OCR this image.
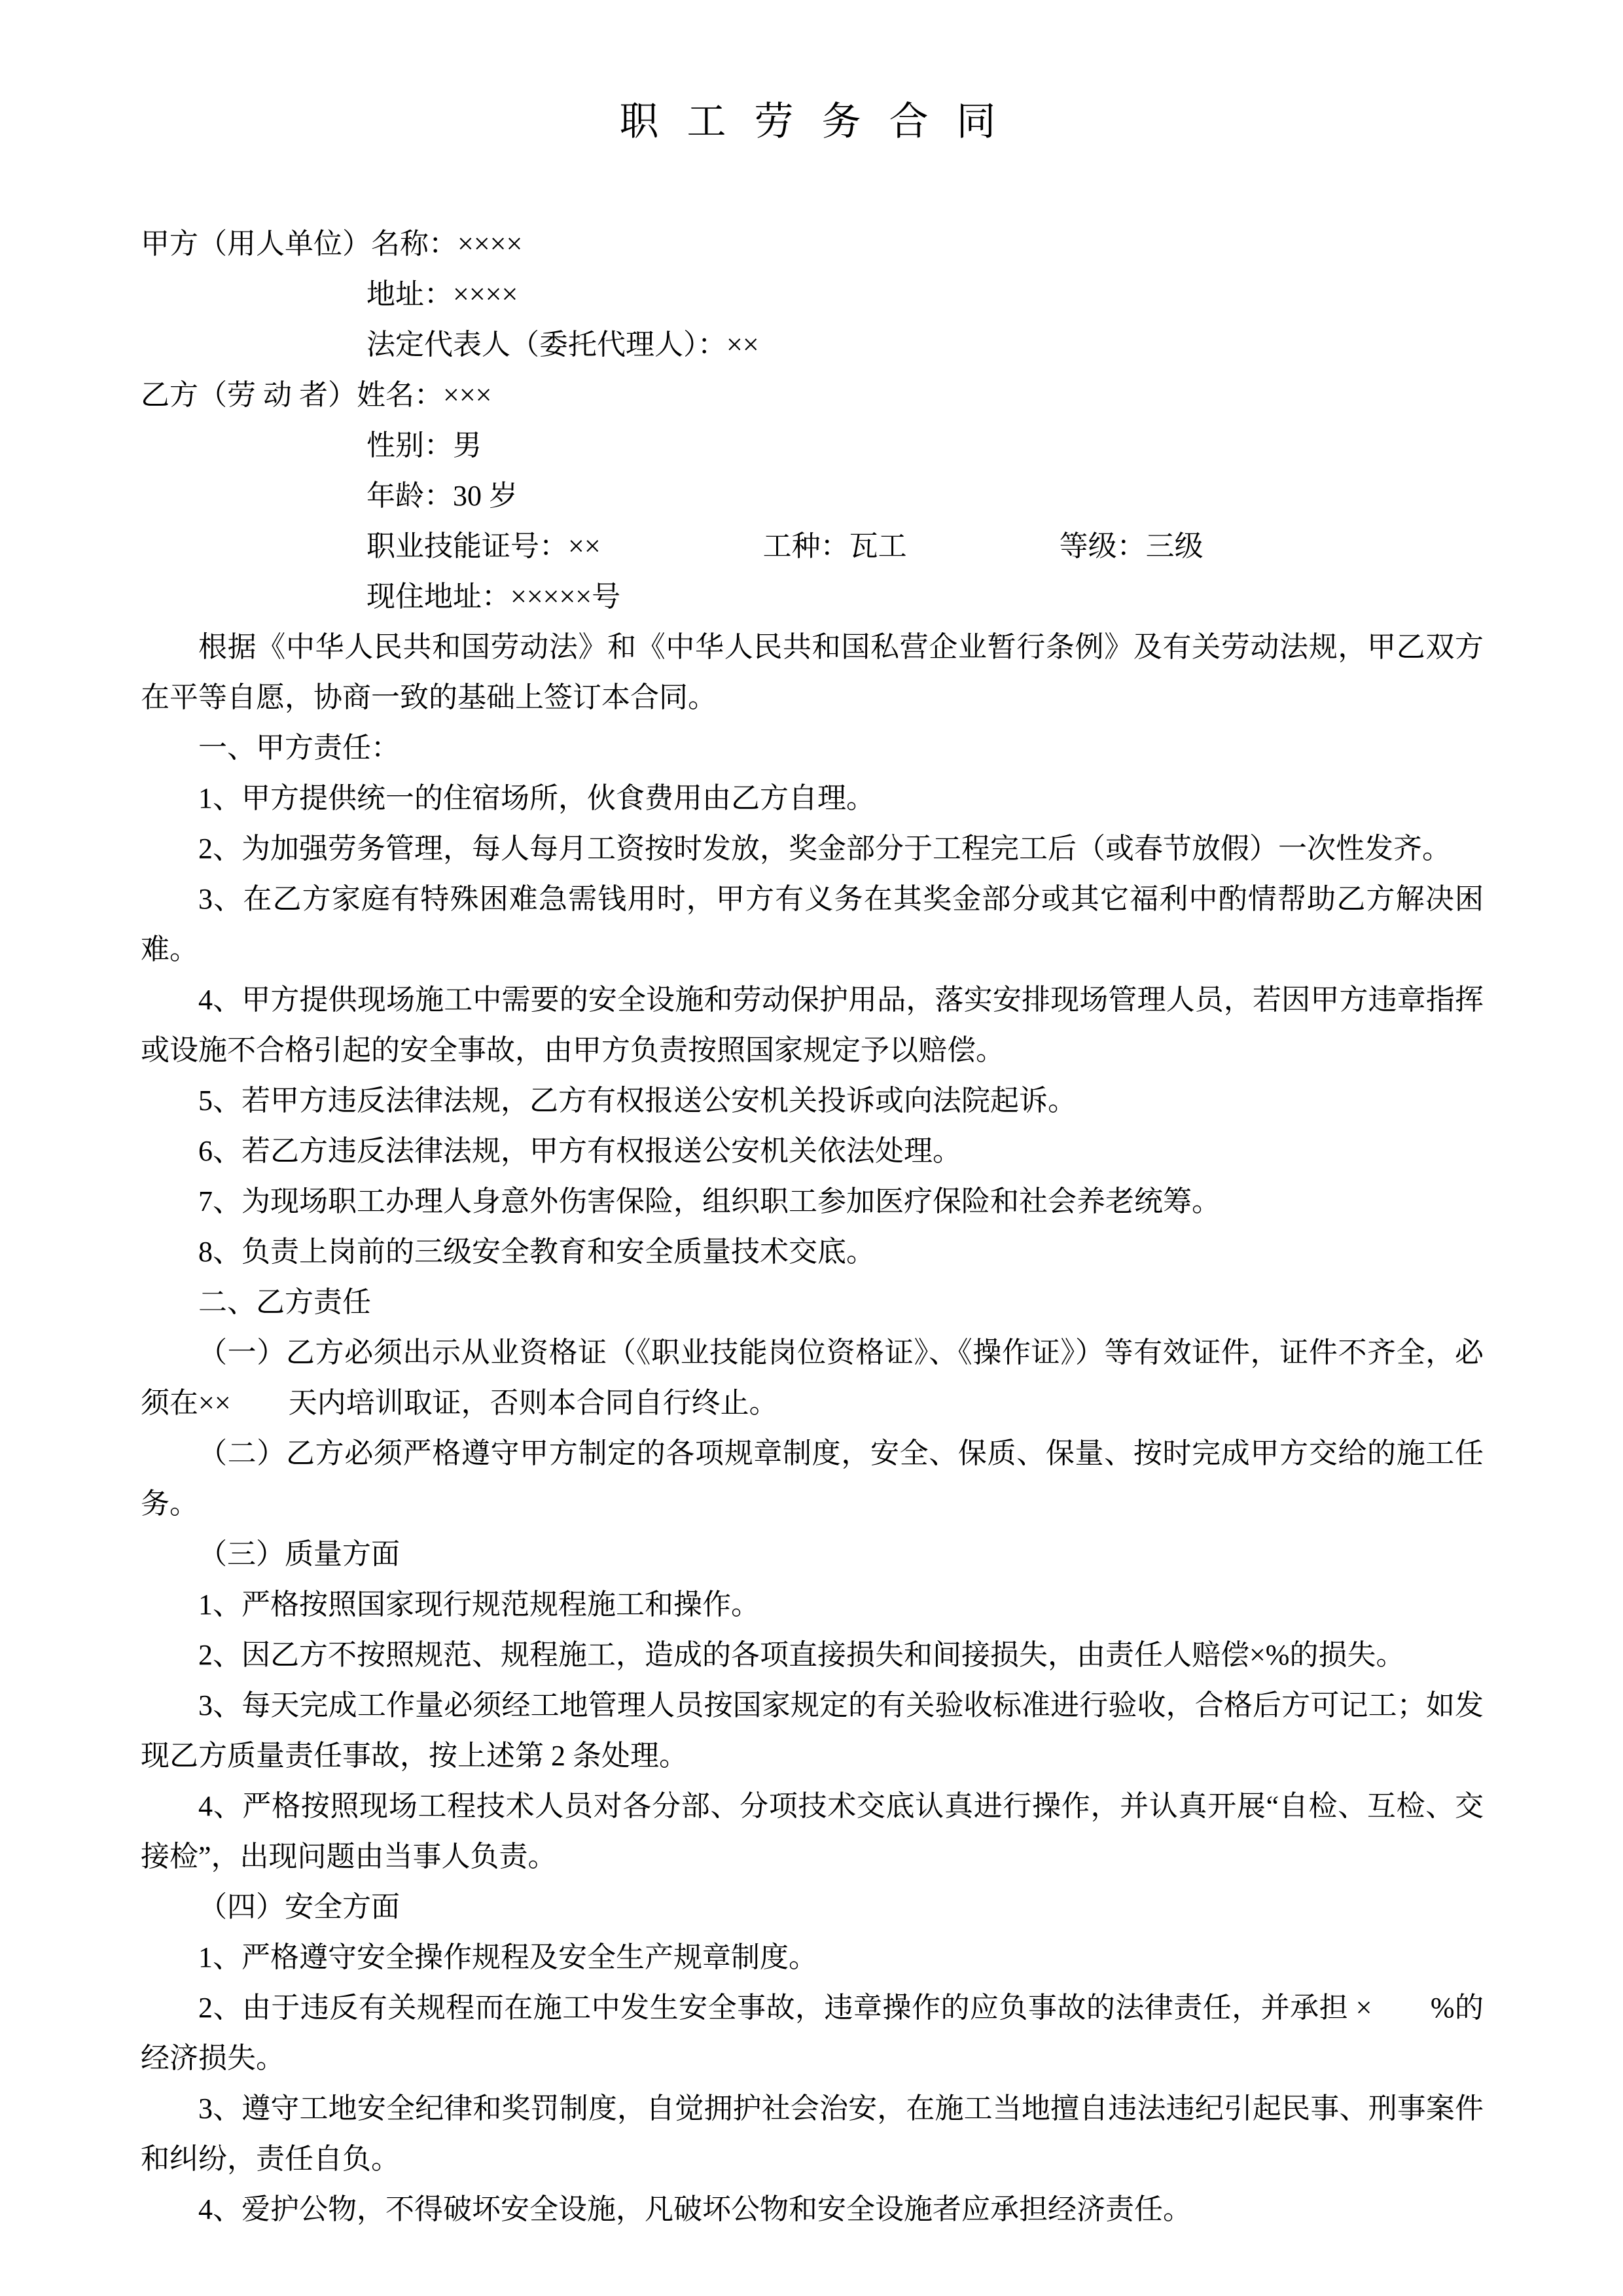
职 工 劳 务 合 同

甲方（用人单位）名称：××××

地址：××××

法定代表人（委托代理人）：××

乙方（劳 动 者）姓名：×××

性别：男

年龄：30 岁

职业技能证号：××	工种：瓦工	等级：三级

现住地址：×××××号

根据《中华人民共和国劳动法》和《中华人民共和国私营企业暂行条例》及有关劳动法规，甲乙双方在平等自愿，协商一致的基础上签订本合同。

一、甲方责任：

1、甲方提供统一的住宿场所，伙食费用由乙方自理。

2、为加强劳务管理，每人每月工资按时发放，奖金部分于工程完工后（或春节放假）一次性发齐。

3、在乙方家庭有特殊困难急需钱用时，甲方有义务在其奖金部分或其它福利中酌情帮助乙方解决困难。

4、甲方提供现场施工中需要的安全设施和劳动保护用品，落实安排现场管理人员，若因甲方违章指挥或设施不合格引起的安全事故，由甲方负责按照国家规定予以赔偿。

5、若甲方违反法律法规，乙方有权报送公安机关投诉或向法院起诉。

6、若乙方违反法律法规，甲方有权报送公安机关依法处理。

7、为现场职工办理人身意外伤害保险，组织职工参加医疗保险和社会养老统筹。

8、负责上岗前的三级安全教育和安全质量技术交底。

二、乙方责任

（一）乙方必须出示从业资格证（《职业技能岗位资格证》、《操作证》）等有效证件，证件不齐全，必须在××　　天内培训取证，否则本合同自行终止。

（二）乙方必须严格遵守甲方制定的各项规章制度，安全、保质、保量、按时完成甲方交给的施工任务。

（三）质量方面

1、严格按照国家现行规范规程施工和操作。

2、因乙方不按照规范、规程施工，造成的各项直接损失和间接损失，由责任人赔偿×%的损失。

3、每天完成工作量必须经工地管理人员按国家规定的有关验收标准进行验收，合格后方可记工；如发现乙方质量责任事故，按上述第 2 条处理。

4、严格按照现场工程技术人员对各分部、分项技术交底认真进行操作，并认真开展“自检、互检、交接检”，出现问题由当事人负责。

（四）安全方面

1、严格遵守安全操作规程及安全生产规章制度。

2、由于违反有关规程而在施工中发生安全事故，违章操作的应负事故的法律责任，并承担 ×　　%的经济损失。

3、遵守工地安全纪律和奖罚制度，自觉拥护社会治安，在施工当地擅自违法违纪引起民事、刑事案件和纠纷，责任自负。

4、爱护公物，不得破坏安全设施，凡破坏公物和安全设施者应承担经济责任。
